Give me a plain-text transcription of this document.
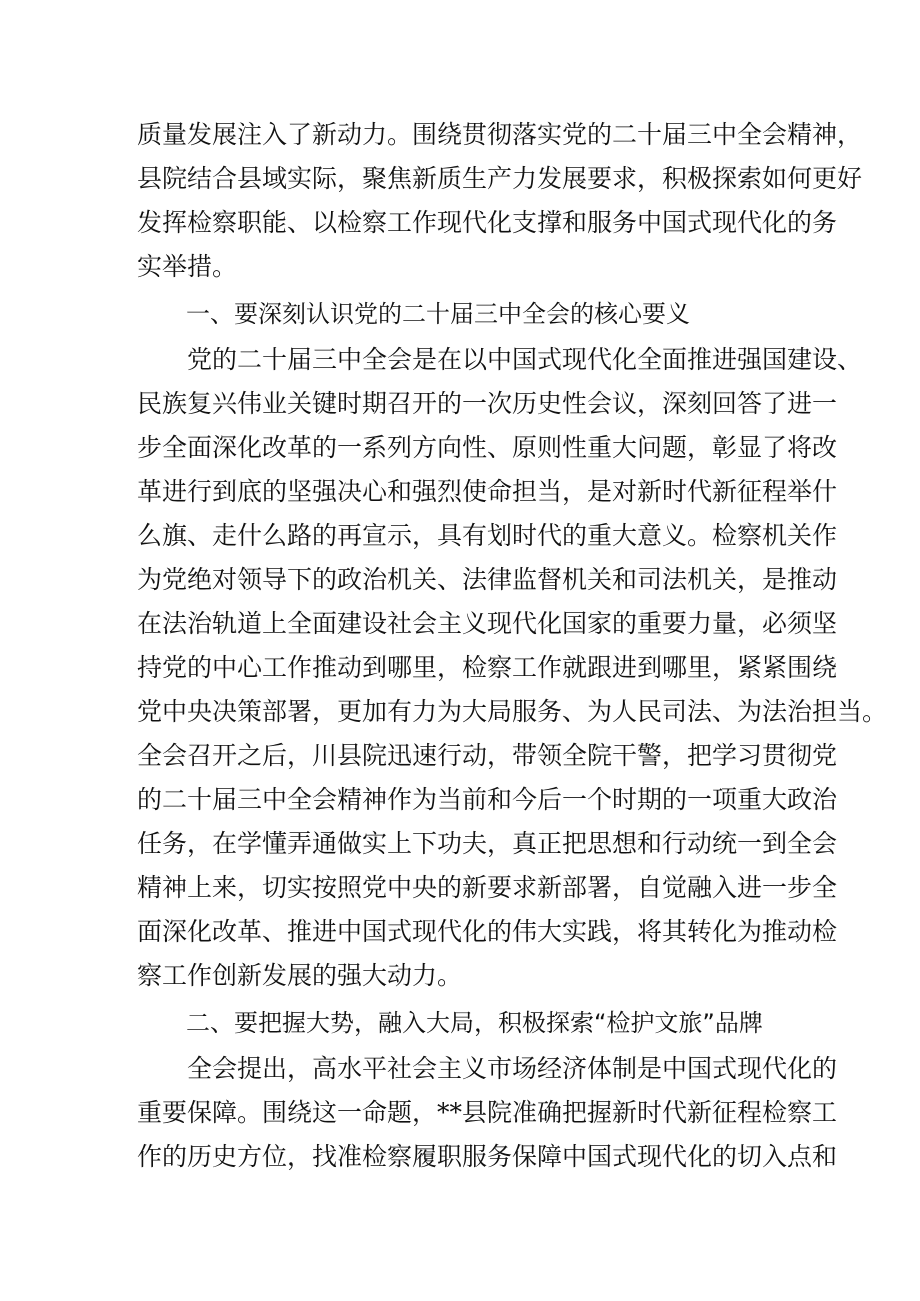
质量发展注入了新动力。围绕贯彻落实党的二十届三中全会精神，
县院结合县域实际，聚焦新质生产力发展要求，积极探索如何更好
发挥检察职能、以检察工作现代化支撑和服务中国式现代化的务
实举措。
一、要深刻认识党的二十届三中全会的核心要义
党的二十届三中全会是在以中国式现代化全面推进强国建设、
民族复兴伟业关键时期召开的一次历史性会议，深刻回答了进一
步全面深化改革的一系列方向性、原则性重大问题，彰显了将改
革进行到底的坚强决心和强烈使命担当，是对新时代新征程举什
么旗、走什么路的再宣示，具有划时代的重大意义。检察机关作
为党绝对领导下的政治机关、法律监督机关和司法机关，是推动
在法治轨道上全面建设社会主义现代化国家的重要力量，必须坚
持党的中心工作推动到哪里，检察工作就跟进到哪里，紧紧围绕
党中央决策部署，更加有力为大局服务、为人民司法、为法治担当。
全会召开之后，川县院迅速行动，带领全院干警，把学习贯彻党
的二十届三中全会精神作为当前和今后一个时期的一项重大政治
任务，在学懂弄通做实上下功夫，真正把思想和行动统一到全会
精神上来，切实按照党中央的新要求新部署，自觉融入进一步全
面深化改革、推进中国式现代化的伟大实践，将其转化为推动检
察工作创新发展的强大动力。
二、要把握大势，融入大局，积极探索“检护文旅”品牌
全会提出，高水平社会主义市场经济体制是中国式现代化的
重要保障。围绕这一命题，**县院准确把握新时代新征程检察工
作的历史方位，找准检察履职服务保障中国式现代化的切入点和
